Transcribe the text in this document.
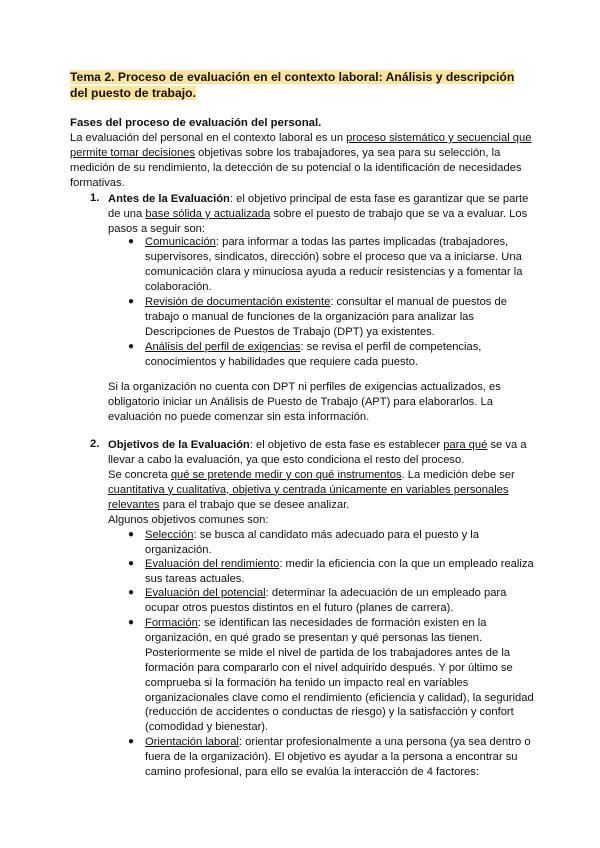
Tema 2. Proceso de evaluación en el contexto laboral: Análisis y descripción del puesto de trabajo.
Fases del proceso de evaluación del personal.
La evaluación del personal en el contexto laboral es un proceso sistemático y secuencial que permite tomar decisiones objetivas sobre los trabajadores, ya sea para su selección, la medición de su rendimiento, la detección de su potencial o la identificación de necesidades formativas.
1. Antes de la Evaluación: el objetivo principal de esta fase es garantizar que se parte de una base sólida y actualizada sobre el puesto de trabajo que se va a evaluar. Los pasos a seguir son:
● Comunicación: para informar a todas las partes implicadas (trabajadores, supervisores, sindicatos, dirección) sobre el proceso que va a iniciarse. Una comunicación clara y minuciosa ayuda a reducir resistencias y a fomentar la colaboración.
● Revisión de documentación existente: consultar el manual de puestos de trabajo o manual de funciones de la organización para analizar las Descripciones de Puestos de Trabajo (DPT) ya existentes.
● Análisis del perfil de exigencias: se revisa el perfil de competencias, conocimientos y habilidades que requiere cada puesto.
Si la organización no cuenta con DPT ni perfiles de exigencias actualizados, es obligatorio iniciar un Análisis de Puesto de Trabajo (APT) para elaborarlos. La evaluación no puede comenzar sin esta información.
2. Objetivos de la Evaluación: el objetivo de esta fase es establecer para qué se va a llevar a cabo la evaluación, ya que esto condiciona el resto del proceso.
Se concreta qué se pretende medir y con qué instrumentos. La medición debe ser cuantitativa y cualitativa, objetiva y centrada únicamente en variables personales relevantes para el trabajo que se desee analizar.
Algunos objetivos comunes son:
● Selección: se busca al candidato más adecuado para el puesto y la organización.
● Evaluación del rendimiento: medir la eficiencia con la que un empleado realiza sus tareas actuales.
● Evaluación del potencial: determinar la adecuación de un empleado para ocupar otros puestos distintos en el futuro (planes de carrera).
● Formación: se identifican las necesidades de formación existen en la organización, en qué grado se presentan y qué personas las tienen. Posteriormente se mide el nivel de partida de los trabajadores antes de la formación para compararlo con el nivel adquirido después. Y por último se comprueba si la formación ha tenido un impacto real en variables organizacionales clave como el rendimiento (eficiencia y calidad), la seguridad (reducción de accidentes o conductas de riesgo) y la satisfacción y confort (comodidad y bienestar).
● Orientación laboral: orientar profesionalmente a una persona (ya sea dentro o fuera de la organización). El objetivo es ayudar a la persona a encontrar su camino profesional, para ello se evalúa la interacción de 4 factores:
